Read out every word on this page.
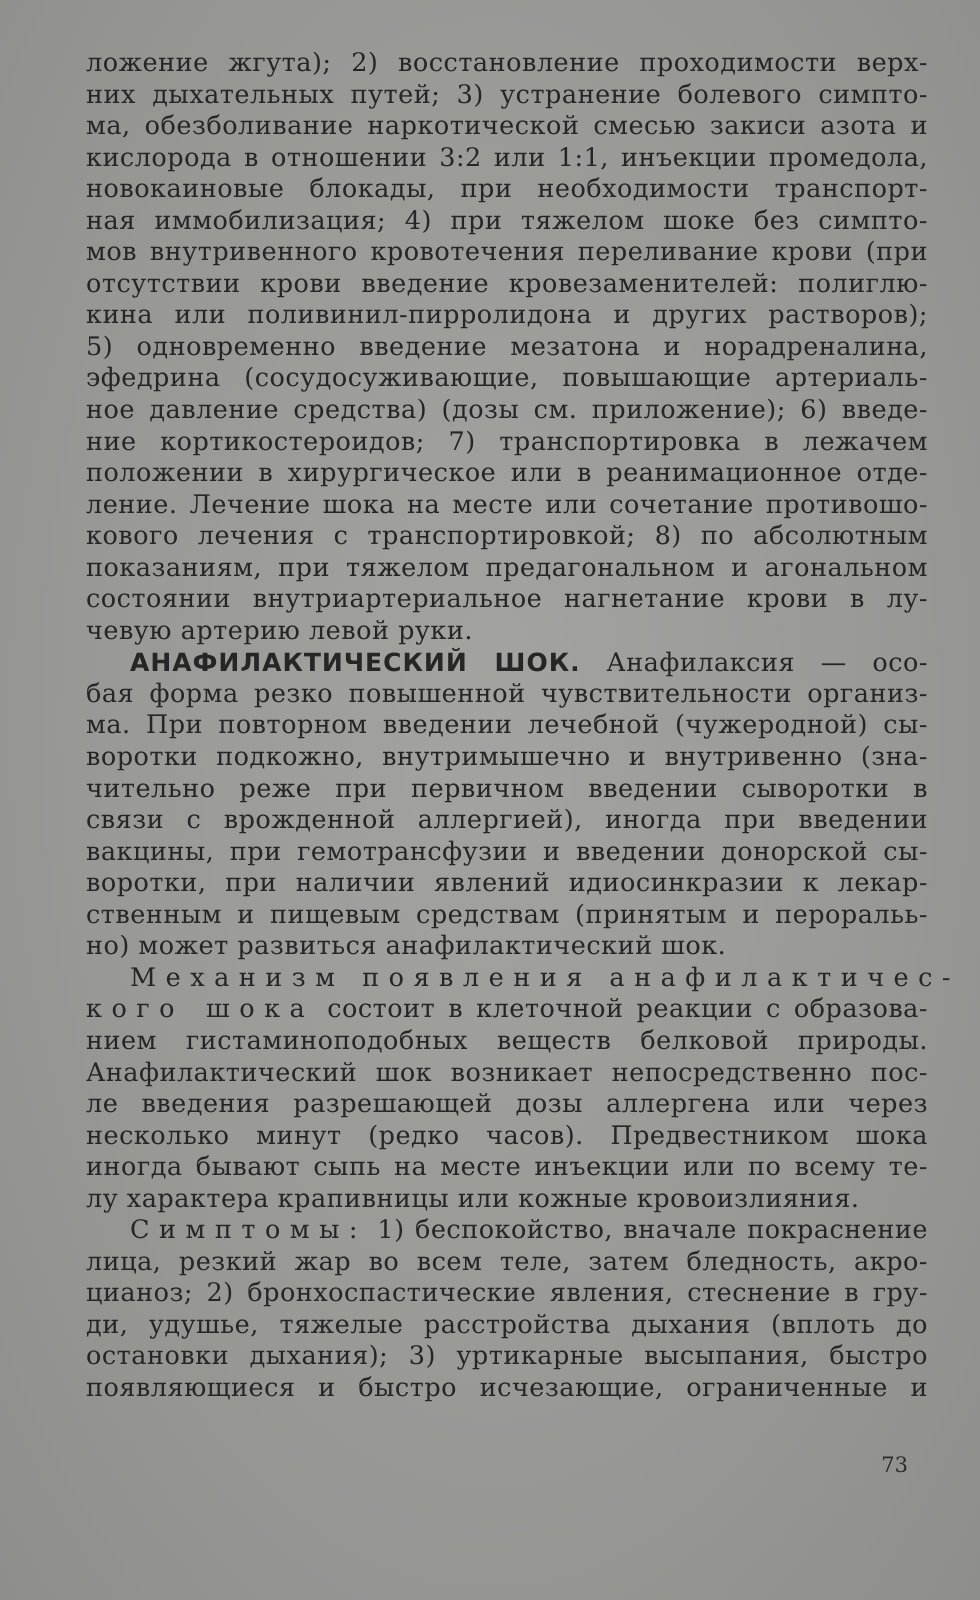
ложение жгута); 2) восстановление проходимости верх-
них дыхательных путей; 3) устранение болевого симпто-
ма, обезболивание наркотической смесью закиси азота и
кислорода в отношении 3:2 или 1:1, инъекции промедола,
новокаиновые блокады, при необходимости транспорт-
ная иммобилизация; 4) при тяжелом шоке без симпто-
мов внутривенного кровотечения переливание крови (при
отсутствии крови введение кровезаменителей: полиглю-
кина или поливинил-пирролидона и других растворов);
5) одновременно введение мезатона и норадреналина,
эфедрина (сосудосуживающие, повышающие артериаль-
ное давление средства) (дозы см. приложение); 6) введе-
ние кортикостероидов; 7) транспортировка в лежачем
положении в хирургическое или в реанимационное отде-
ление. Лечение шока на месте или сочетание противошо-
кового лечения с транспортировкой; 8) по абсолютным
показаниям, при тяжелом предагональном и агональном
состоянии внутриартериальное нагнетание крови в лу-
чевую артерию левой руки.
АНАФИЛАКТИЧЕСКИЙ ШОК. Анафилаксия — осо-
бая форма резко повышенной чувствительности организ-
ма. При повторном введении лечебной (чужеродной) сы-
воротки подкожно, внутримышечно и внутривенно (зна-
чительно реже при первичном введении сыворотки в
связи с врожденной аллергией), иногда при введении
вакцины, при гемотрансфузии и введении донорской сы-
воротки, при наличии явлений идиосинкразии к лекар-
ственным и пищевым средствам (принятым и пероральь-
но) может развиться анафилактический шок.
Механизм появления анафилактичес-
кого шока состоит в клеточной реакции с образова-
нием гистаминоподобных веществ белковой природы.
Анафилактический шок возникает непосредственно пос-
ле введения разрешающей дозы аллергена или через
несколько минут (редко часов). Предвестником шока
иногда бывают сыпь на месте инъекции или по всему те-
лу характера крапивницы или кожные кровоизлияния.
Симптомы: 1) беспокойство, вначале покраснение
лица, резкий жар во всем теле, затем бледность, акро-
цианоз; 2) бронхоспастические явления, стеснение в гру-
ди, удушье, тяжелые расстройства дыхания (вплоть до
остановки дыхания); 3) уртикарные высыпания, быстро
появляющиеся и быстро исчезающие, ограниченные и
73
